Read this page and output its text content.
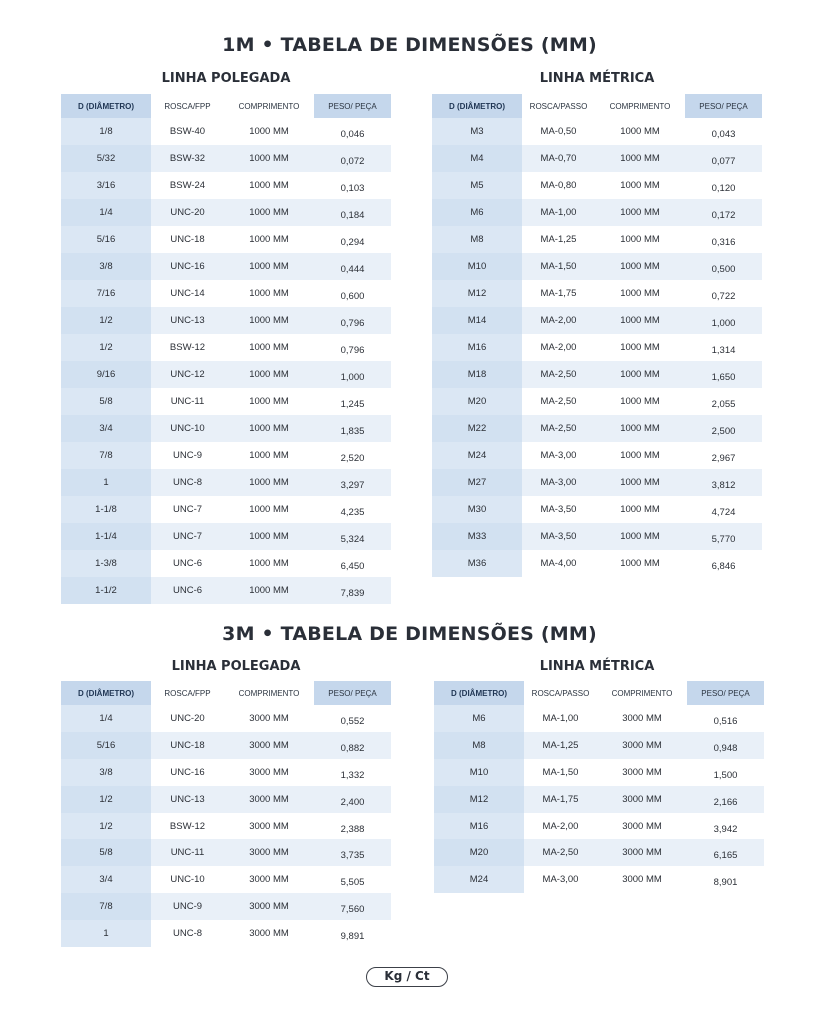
1M • TABELA DE DIMENSÕES (MM)
LINHA POLEGADA	LINHA MÉTRICA
D (DIÂMETRO)	ROSCA/FPP	COMPRIMENTO	PESO/ PEÇA
1/8	BSW-40	1000 MM	0,046
5/32	BSW-32	1000 MM	0,072
3/16	BSW-24	1000 MM	0,103
1/4	UNC-20	1000 MM	0,184
5/16	UNC-18	1000 MM	0,294
3/8	UNC-16	1000 MM	0,444
7/16	UNC-14	1000 MM	0,600
1/2	UNC-13	1000 MM	0,796
1/2	BSW-12	1000 MM	0,796
9/16	UNC-12	1000 MM	1,000
5/8	UNC-11	1000 MM	1,245
3/4	UNC-10	1000 MM	1,835
7/8	UNC-9	1000 MM	2,520
1	UNC-8	1000 MM	3,297
1-1/8	UNC-7	1000 MM	4,235
1-1/4	UNC-7	1000 MM	5,324
1-3/8	UNC-6	1000 MM	6,450
1-1/2	UNC-6	1000 MM	7,839
D (DIÂMETRO)	ROSCA/PASSO	COMPRIMENTO	PESO/ PEÇA
M3	MA-0,50	1000 MM	0,043
M4	MA-0,70	1000 MM	0,077
M5	MA-0,80	1000 MM	0,120
M6	MA-1,00	1000 MM	0,172
M8	MA-1,25	1000 MM	0,316
M10	MA-1,50	1000 MM	0,500
M12	MA-1,75	1000 MM	0,722
M14	MA-2,00	1000 MM	1,000
M16	MA-2,00	1000 MM	1,314
M18	MA-2,50	1000 MM	1,650
M20	MA-2,50	1000 MM	2,055
M22	MA-2,50	1000 MM	2,500
M24	MA-3,00	1000 MM	2,967
M27	MA-3,00	1000 MM	3,812
M30	MA-3,50	1000 MM	4,724
M33	MA-3,50	1000 MM	5,770
M36	MA-4,00	1000 MM	6,846
3M • TABELA DE DIMENSÕES (MM)
LINHA POLEGADA	LINHA MÉTRICA
D (DIÂMETRO)	ROSCA/FPP	COMPRIMENTO	PESO/ PEÇA
1/4	UNC-20	3000 MM	0,552
5/16	UNC-18	3000 MM	0,882
3/8	UNC-16	3000 MM	1,332
1/2	UNC-13	3000 MM	2,400
1/2	BSW-12	3000 MM	2,388
5/8	UNC-11	3000 MM	3,735
3/4	UNC-10	3000 MM	5,505
7/8	UNC-9	3000 MM	7,560
1	UNC-8	3000 MM	9,891
D (DIÂMETRO)	ROSCA/PASSO	COMPRIMENTO	PESO/ PEÇA
M6	MA-1,00	3000 MM	0,516
M8	MA-1,25	3000 MM	0,948
M10	MA-1,50	3000 MM	1,500
M12	MA-1,75	3000 MM	2,166
M16	MA-2,00	3000 MM	3,942
M20	MA-2,50	3000 MM	6,165
M24	MA-3,00	3000 MM	8,901
Kg / Ct
